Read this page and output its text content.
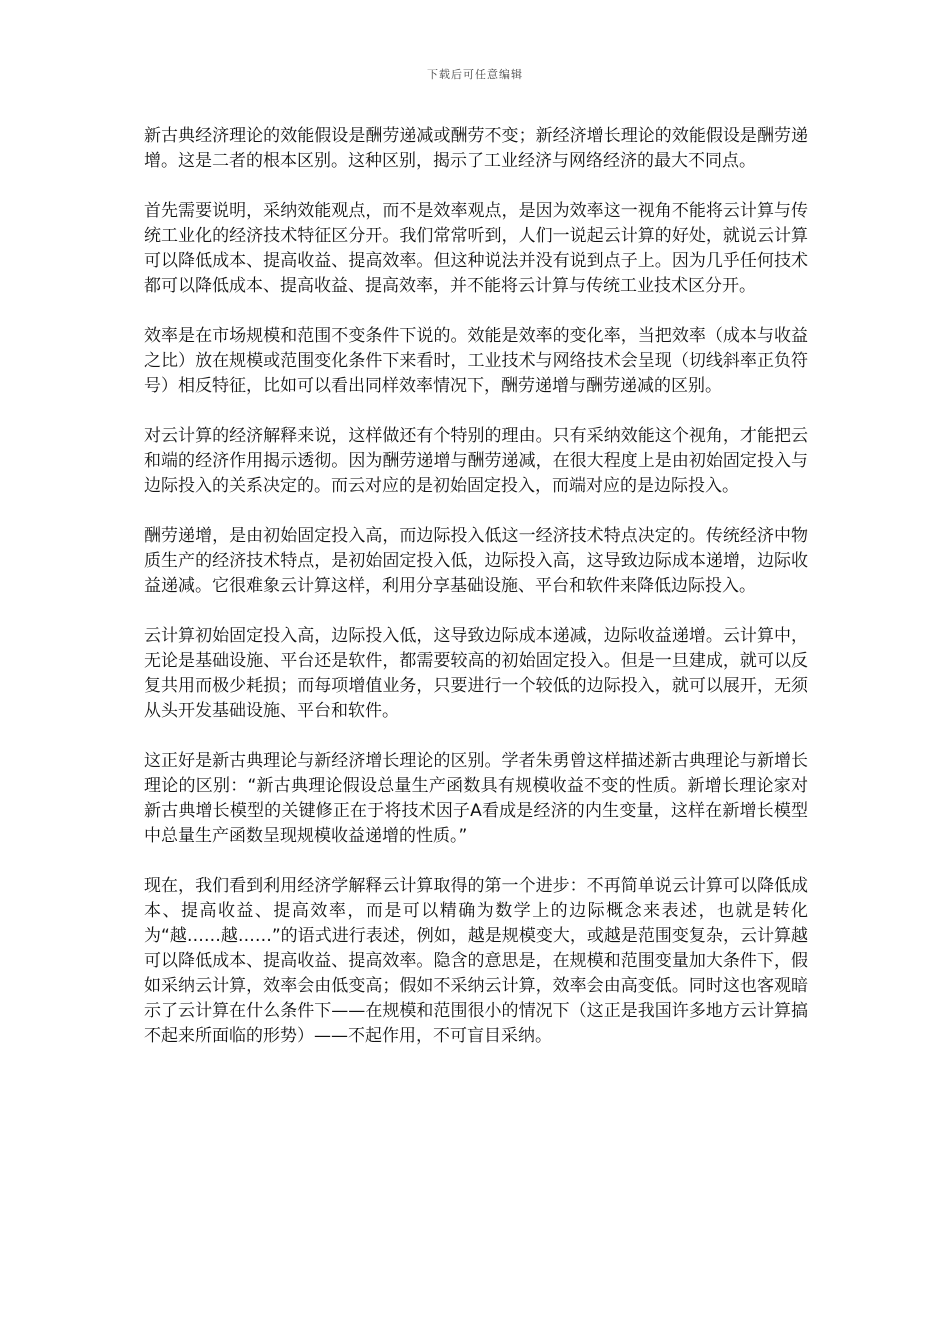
下载后可任意编辑

新古典经济理论的效能假设是酬劳递减或酬劳不变；新经济增长理论的效能假设是酬劳递增。这是二者的根本区别。这种区别，揭示了工业经济与网络经济的最大不同点。

首先需要说明，采纳效能观点，而不是效率观点，是因为效率这一视角不能将云计算与传统工业化的经济技术特征区分开。我们常常听到，人们一说起云计算的好处，就说云计算可以降低成本、提高收益、提高效率。但这种说法并没有说到点子上。因为几乎任何技术都可以降低成本、提高收益、提高效率，并不能将云计算与传统工业技术区分开。

效率是在市场规模和范围不变条件下说的。效能是效率的变化率，当把效率（成本与收益之比）放在规模或范围变化条件下来看时，工业技术与网络技术会呈现（切线斜率正负符号）相反特征，比如可以看出同样效率情况下，酬劳递增与酬劳递减的区别。

对云计算的经济解释来说，这样做还有个特别的理由。只有采纳效能这个视角，才能把云和端的经济作用揭示透彻。因为酬劳递增与酬劳递减，在很大程度上是由初始固定投入与边际投入的关系决定的。而云对应的是初始固定投入，而端对应的是边际投入。

酬劳递增，是由初始固定投入高，而边际投入低这一经济技术特点决定的。传统经济中物质生产的经济技术特点，是初始固定投入低，边际投入高，这导致边际成本递增，边际收益递减。它很难象云计算这样，利用分享基础设施、平台和软件来降低边际投入。

云计算初始固定投入高，边际投入低，这导致边际成本递减，边际收益递增。云计算中，无论是基础设施、平台还是软件，都需要较高的初始固定投入。但是一旦建成，就可以反复共用而极少耗损；而每项增值业务，只要进行一个较低的边际投入，就可以展开，无须从头开发基础设施、平台和软件。

这正好是新古典理论与新经济增长理论的区别。学者朱勇曾这样描述新古典理论与新增长理论的区别：“新古典理论假设总量生产函数具有规模收益不变的性质。新增长理论家对新古典增长模型的关键修正在于将技术因子A看成是经济的内生变量，这样在新增长模型中总量生产函数呈现规模收益递增的性质。”

现在，我们看到利用经济学解释云计算取得的第一个进步：不再简单说云计算可以降低成本、提高收益、提高效率，而是可以精确为数学上的边际概念来表述，也就是转化为“越……越……”的语式进行表述，例如，越是规模变大，或越是范围变复杂，云计算越可以降低成本、提高收益、提高效率。隐含的意思是，在规模和范围变量加大条件下，假如采纳云计算，效率会由低变高；假如不采纳云计算，效率会由高变低。同时这也客观暗示了云计算在什么条件下——在规模和范围很小的情况下（这正是我国许多地方云计算搞不起来所面临的形势）——不起作用，不可盲目采纳。
